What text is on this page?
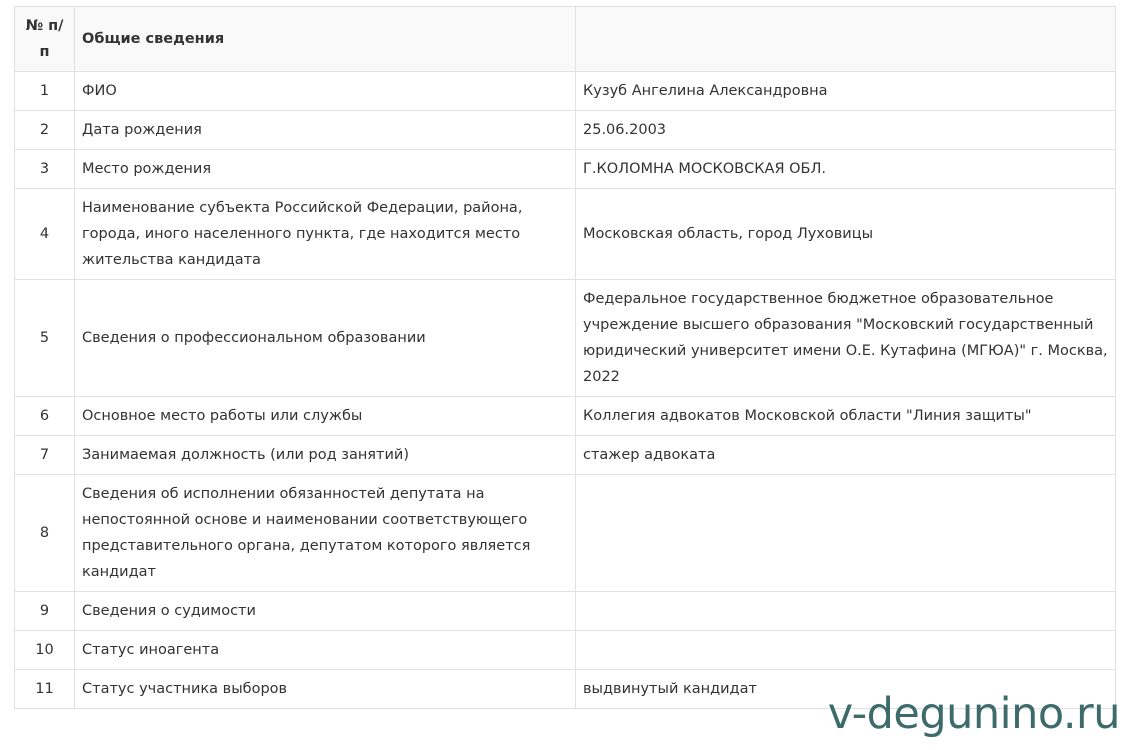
№ п/п	Общие сведения	
1	ФИО	Кузуб Ангелина Александровна
2	Дата рождения	25.06.2003
3	Место рождения	Г.КОЛОМНА МОСКОВСКАЯ ОБЛ.
4	Наименование субъекта Российской Федерации, района, города, иного населенного пункта, где находится место жительства кандидата	Московская область, город Луховицы
5	Сведения о профессиональном образовании	Федеральное государственное бюджетное образовательное учреждение высшего образования "Московский государственный юридический университет имени О.Е. Кутафина (МГЮА)" г. Москва, 2022
6	Основное место работы или службы	Коллегия адвокатов Московской области "Линия защиты"
7	Занимаемая должность (или род занятий)	стажер адвоката
8	Сведения об исполнении обязанностей депутата на непостоянной основе и наименовании соответствующего представительного органа, депутатом которого является кандидат	
9	Сведения о судимости	
10	Статус иноагента	
11	Статус участника выборов	выдвинутый кандидат v-degunino.ru
